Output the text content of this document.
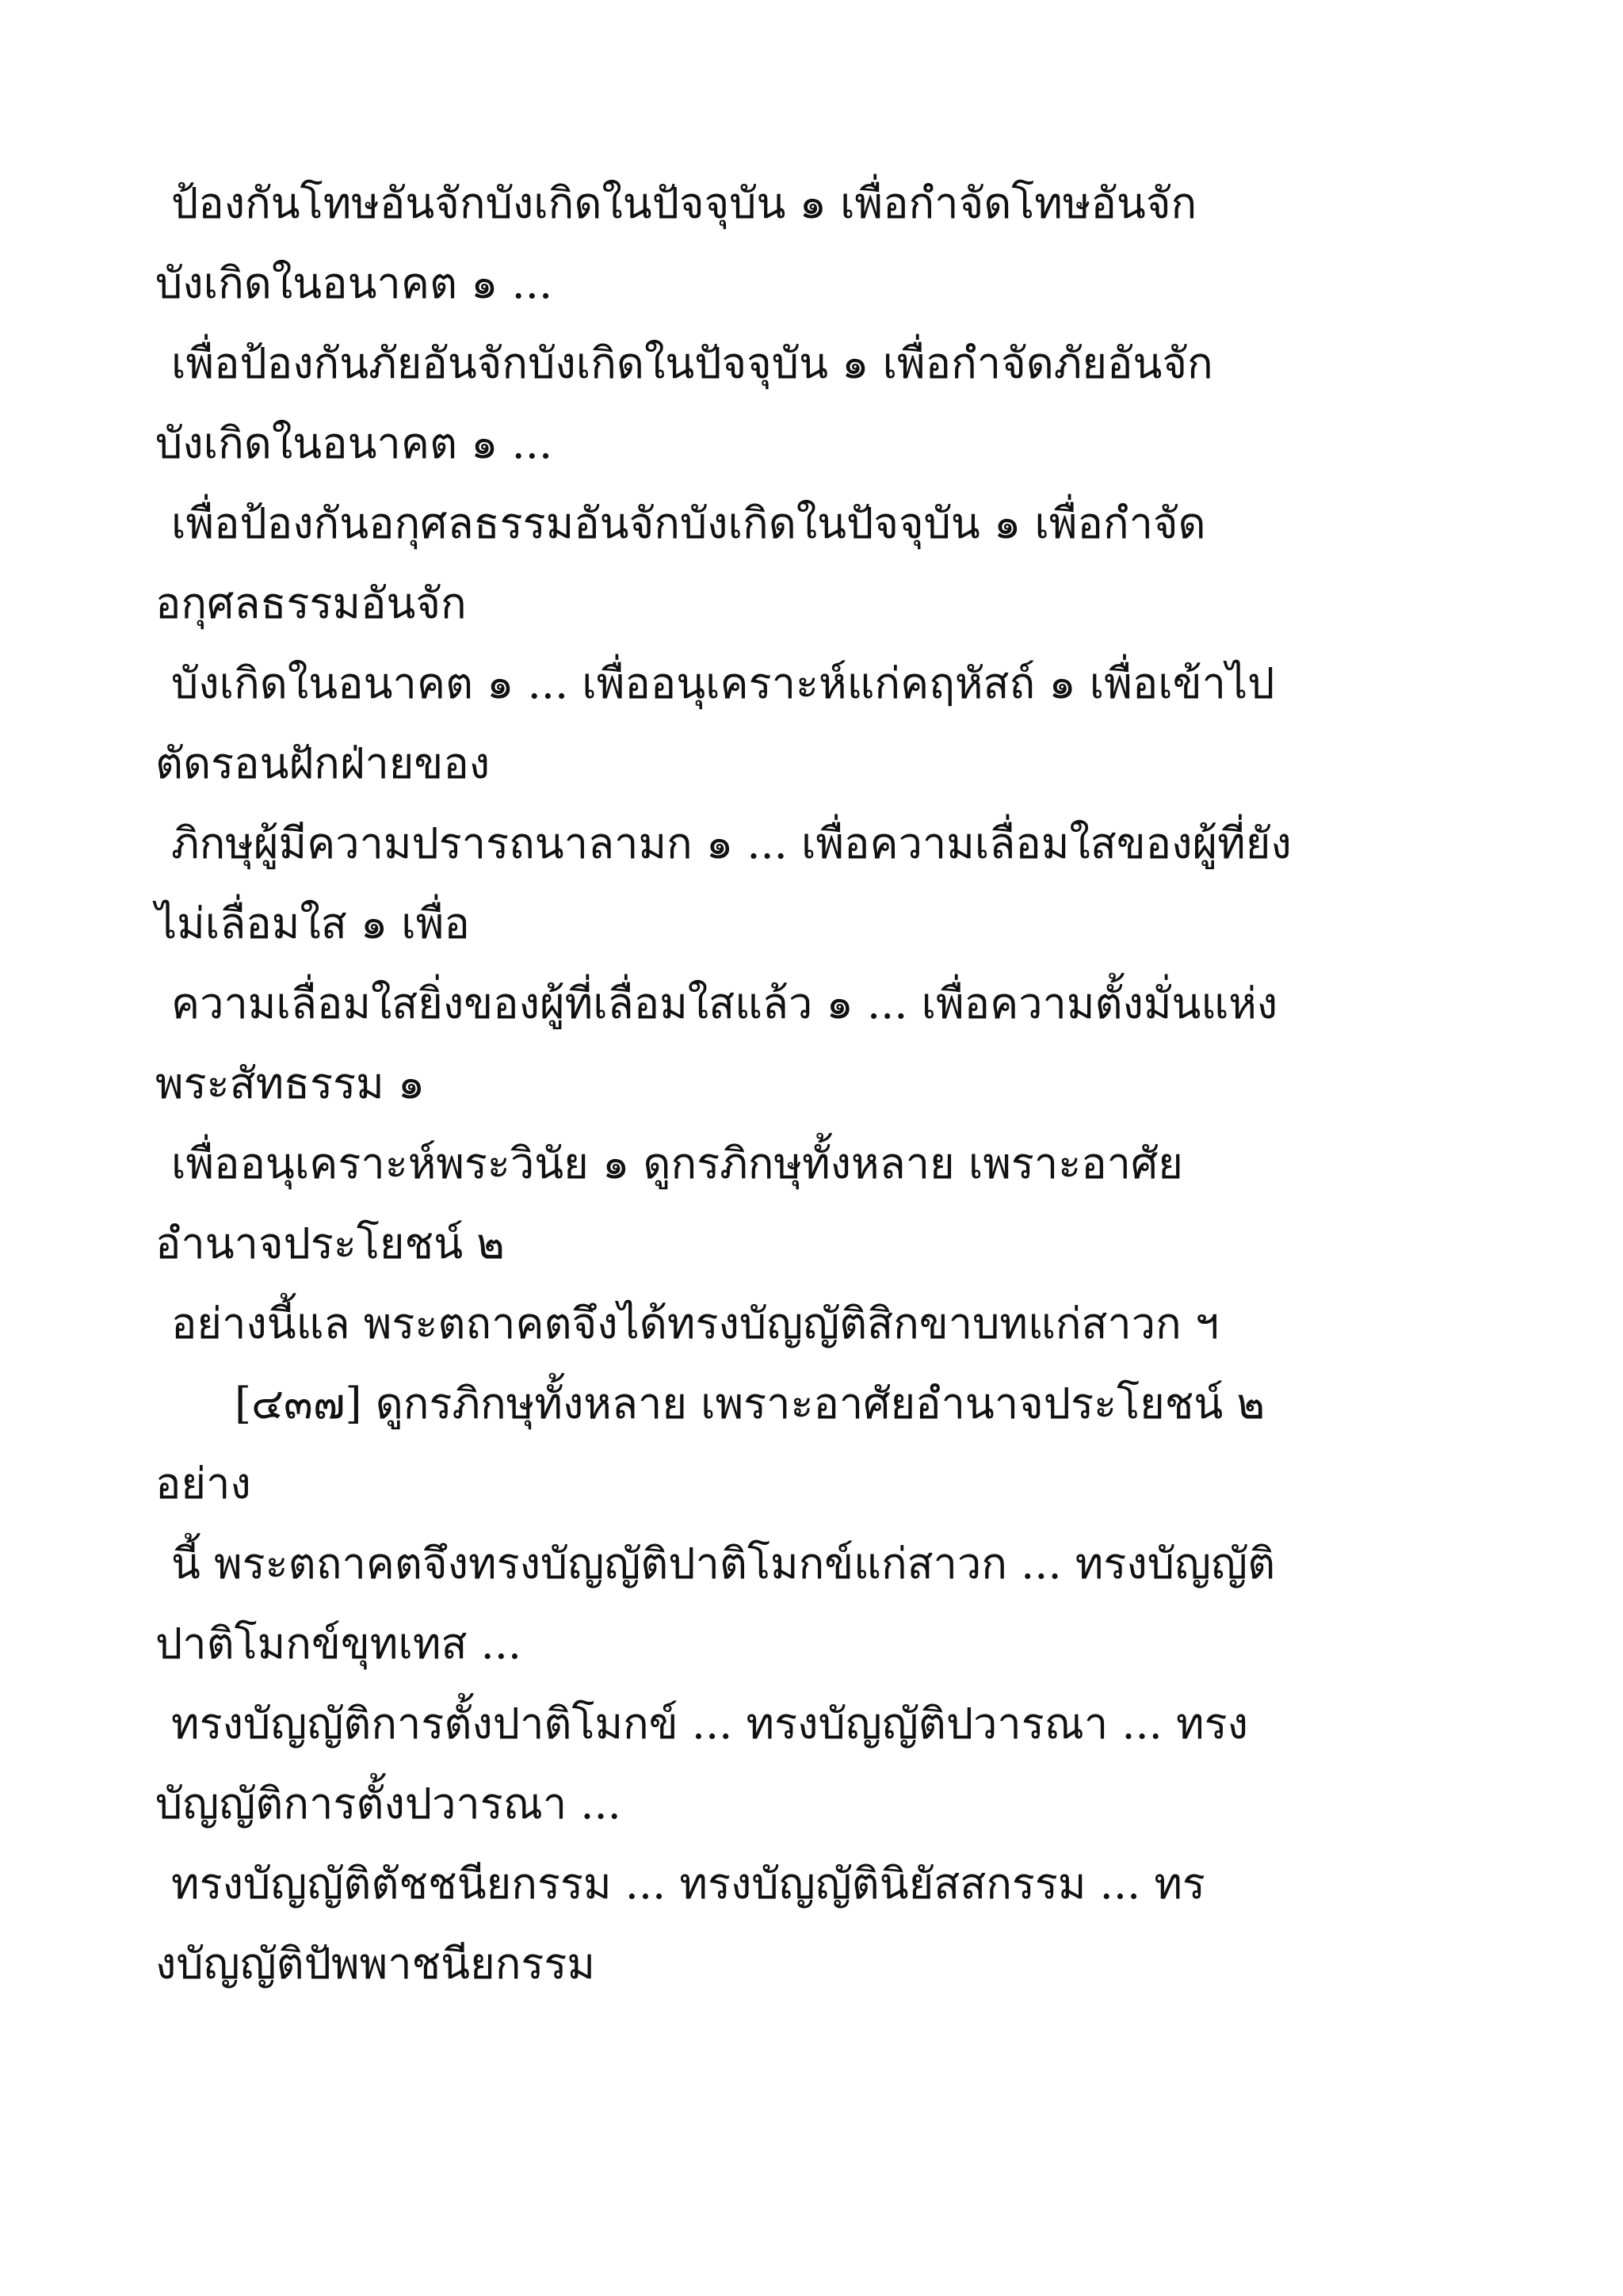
ป้องกันโทษอันจักบังเกิดในปัจจุบัน ๑ เพื่อกำจัดโทษอันจัก
บังเกิดในอนาคต ๑ ...
เพื่อป้องกันภัยอันจักบังเกิดในปัจจุบัน ๑ เพื่อกำจัดภัยอันจัก
บังเกิดในอนาคต ๑ ...
เพื่อป้องกันอกุศลธรรมอันจักบังเกิดในปัจจุบัน ๑ เพื่อกำจัด
อกุศลธรรมอันจัก
บังเกิดในอนาคต ๑ ... เพื่ออนุเคราะห์แก่คฤหัสถ์ ๑ เพื่อเข้าไป
ตัดรอนฝักฝ่ายของ
ภิกษุผู้มีความปรารถนาลามก ๑ ... เพื่อความเลื่อมใสของผู้ที่ยัง
ไม่เลื่อมใส ๑ เพื่อ
ความเลื่อมใสยิ่งของผู้ที่เลื่อมใสแล้ว ๑ ... เพื่อความตั้งมั่นแห่ง
พระสัทธรรม ๑
เพื่ออนุเคราะห์พระวินัย ๑ ดูกรภิกษุทั้งหลาย เพราะอาศัย
อำนาจประโยชน์ ๒
อย่างนี้แล พระตถาคตจึงได้ทรงบัญญัติสิกขาบทแก่สาวก ฯ
[๔๓๗] ดูกรภิกษุทั้งหลาย เพราะอาศัยอำนาจประโยชน์ ๒
อย่าง
นี้ พระตถาคตจึงทรงบัญญัติปาติโมกข์แก่สาวก ... ทรงบัญญัติ
ปาติโมกข์ขุทเทส ...
ทรงบัญญัติการตั้งปาติโมกข์ ... ทรงบัญญัติปวารณา ... ทรง
บัญญัติการตั้งปวารณา ...
ทรงบัญญัติตัชชนียกรรม ... ทรงบัญญัตินิยัสสกรรม ... ทร
งบัญญัติปัพพาชนียกรรม
